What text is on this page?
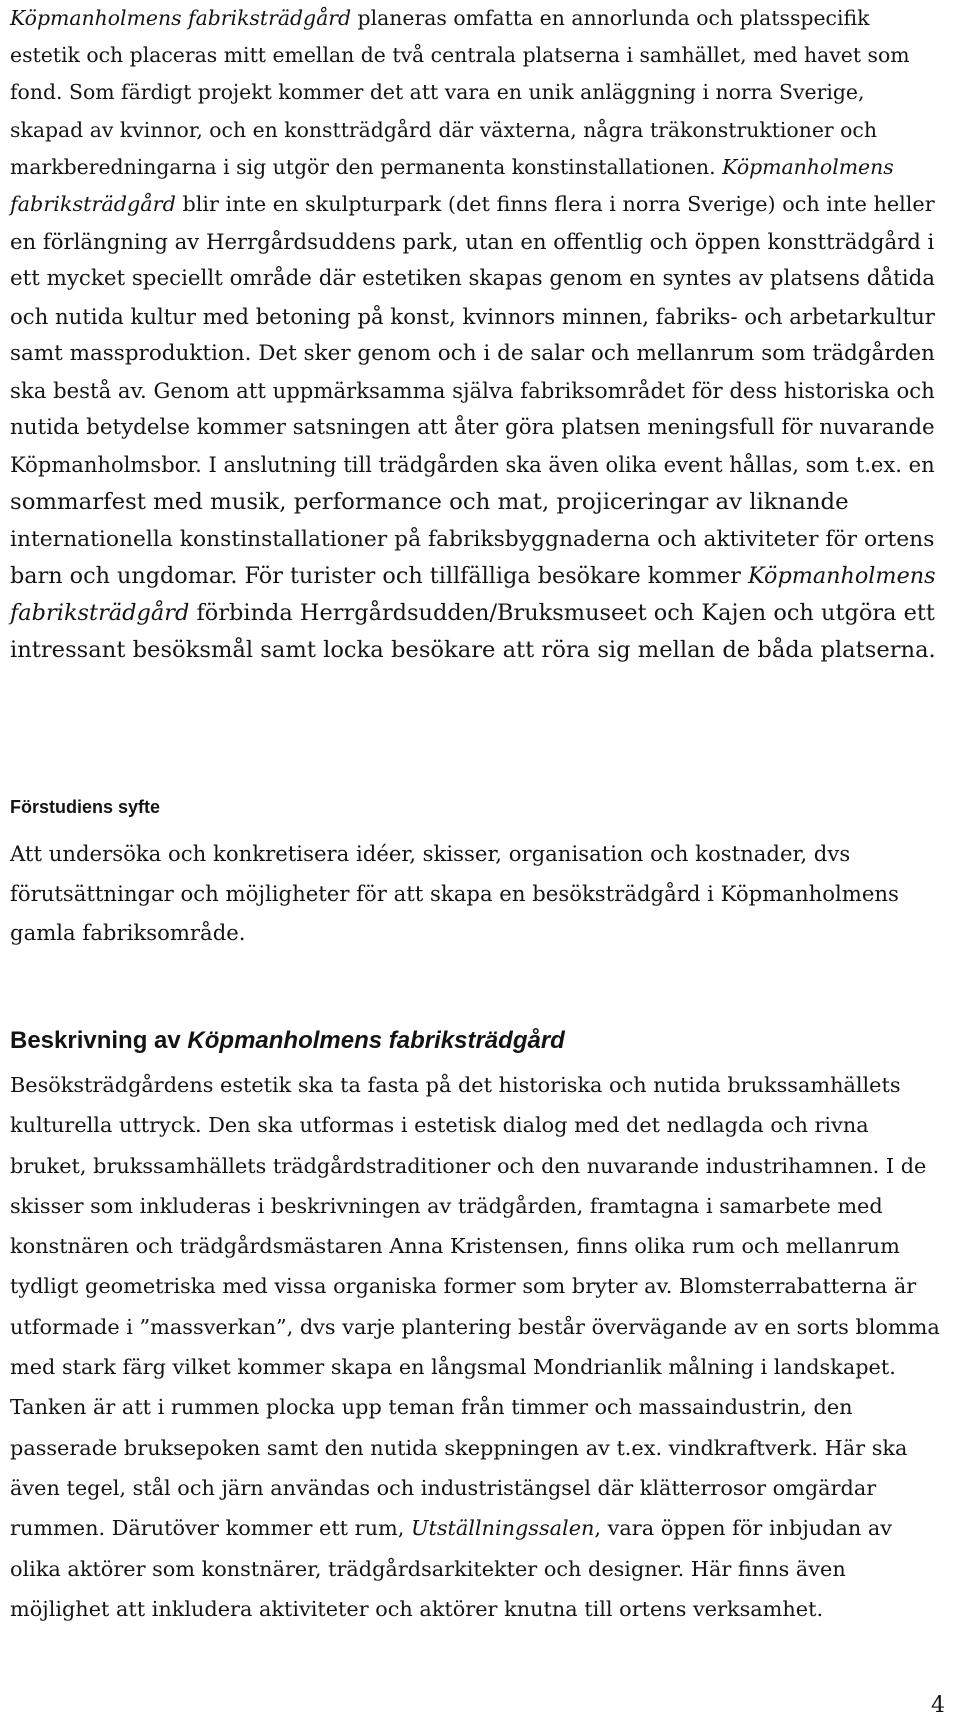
Köpmanholmens fabriksträdgård planeras omfatta en annorlunda och platsspecifik
estetik och placeras mitt emellan de två centrala platserna i samhället, med havet som
fond. Som färdigt projekt kommer det att vara en unik anläggning i norra Sverige,
skapad av kvinnor, och en konstträdgård där växterna, några träkonstruktioner och
markberedningarna i sig utgör den permanenta konstinstallationen. Köpmanholmens
fabriksträdgård blir inte en skulpturpark (det finns flera i norra Sverige) och inte heller
en förlängning av Herrgårdsuddens park, utan en offentlig och öppen konstträdgård i
ett mycket speciellt område där estetiken skapas genom en syntes av platsens dåtida
och nutida kultur med betoning på konst, kvinnors minnen, fabriks- och arbetarkultur
samt massproduktion. Det sker genom och i de salar och mellanrum som trädgården
ska bestå av. Genom att uppmärksamma själva fabriksområdet för dess historiska och
nutida betydelse kommer satsningen att åter göra platsen meningsfull för nuvarande
Köpmanholmsbor. I anslutning till trädgården ska även olika event hållas, som t.ex. en
sommarfest med musik, performance och mat, projiceringar av liknande
internationella konstinstallationer på fabriksbyggnaderna och aktiviteter för ortens
barn och ungdomar. För turister och tillfälliga besökare kommer Köpmanholmens
fabriksträdgård förbinda Herrgårdsudden/Bruksmuseet och Kajen och utgöra ett
intressant besöksmål samt locka besökare att röra sig mellan de båda platserna.

Förstudiens syfte

Att undersöka och konkretisera idéer, skisser, organisation och kostnader, dvs
förutsättningar och möjligheter för att skapa en besöksträdgård i Köpmanholmens
gamla fabriksområde.

Beskrivning av Köpmanholmens fabriksträdgård

Besöksträdgårdens estetik ska ta fasta på det historiska och nutida brukssamhällets
kulturella uttryck. Den ska utformas i estetisk dialog med det nedlagda och rivna
bruket, brukssamhällets trädgårdstraditioner och den nuvarande industrihamnen. I de
skisser som inkluderas i beskrivningen av trädgården, framtagna i samarbete med
konstnären och trädgårdsmästaren Anna Kristensen, finns olika rum och mellanrum
tydligt geometriska med vissa organiska former som bryter av. Blomsterrabatterna är
utformade i ”massverkan”, dvs varje plantering består övervägande av en sorts blomma
med stark färg vilket kommer skapa en långsmal Mondrianlik målning i landskapet.
Tanken är att i rummen plocka upp teman från timmer och massaindustrin, den
passerade bruksepoken samt den nutida skeppningen av t.ex. vindkraftverk. Här ska
även tegel, stål och järn användas och industristängsel där klätterrosor omgärdar
rummen. Därutöver kommer ett rum, Utställningssalen, vara öppen för inbjudan av
olika aktörer som konstnärer, trädgårdsarkitekter och designer. Här finns även
möjlighet att inkludera aktiviteter och aktörer knutna till ortens verksamhet.

4
